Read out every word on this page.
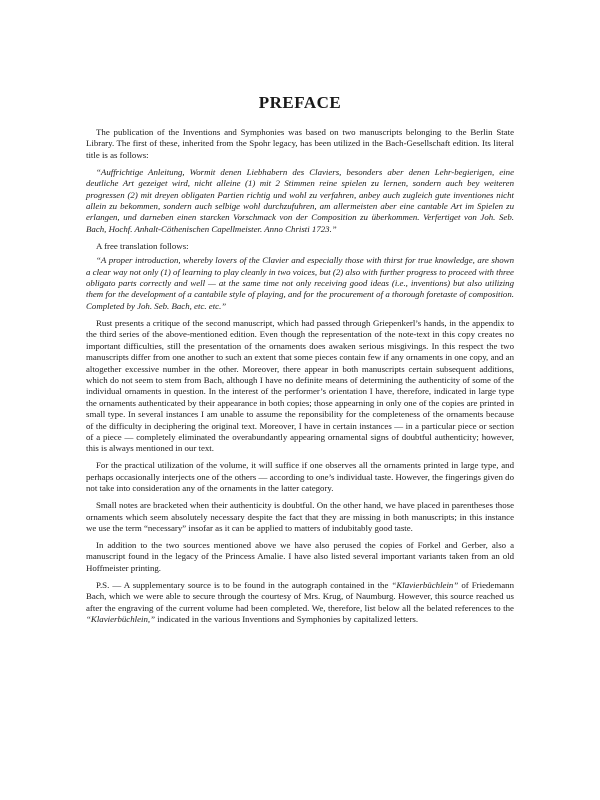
PREFACE

The publication of the Inventions and Symphonies was based on two manuscripts belonging to the Berlin State Library. The first of these, inherited from the Spohr legacy, has been utilized in the Bach-Gesellschaft edition. Its literal title is as follows:

“Auffrichtige Anleitung, Wormit denen Liebhabern des Claviers, besonders aber denen Lehr-begierigen, eine deutliche Art gezeiget wird, nicht alleine (1) mit 2 Stimmen reine spielen zu lernen, sondern auch bey weiteren progressen (2) mit dreyen obligaten Partien richtig und wohl zu verfahren, anbey auch zugleich gute inventiones nicht allein zu bekommen, sondern auch selbige wohl durchzufuhren, am allermeisten aber eine cantable Art im Spielen zu erlangen, und darneben einen starcken Vorschmack von der Composition zu überkommen. Verfertiget von Joh. Seb. Bach, Hochf. Anhalt-Cöthenischen Capellmeister. Anno Christi 1723.”

A free translation follows:

“A proper introduction, whereby lovers of the Clavier and especially those with thirst for true knowledge, are shown a clear way not only (1) of learning to play cleanly in two voices, but (2) also with further progress to proceed with three obligato parts correctly and well — at the same time not only receiving good ideas (i.e., inventions) but also utilizing them for the development of a cantabile style of playing, and for the procurement of a thorough foretaste of composition. Completed by Joh. Seb. Bach, etc. etc.”

Rust presents a critique of the second manuscript, which had passed through Griepenkerl’s hands, in the appendix to the third series of the above-mentioned edition. Even though the representation of the note-text in this copy creates no important difficulties, still the presentation of the ornaments does awaken serious misgivings. In this respect the two manuscripts differ from one another to such an extent that some pieces contain few if any ornaments in one copy, and an altogether excessive number in the other. Moreover, there appear in both manuscripts certain subsequent additions, which do not seem to stem from Bach, although I have no definite means of determining the authenticity of some of the individual ornaments in question. In the interest of the performer’s orientation I have, therefore, indicated in large type the ornaments authenticated by their appearance in both copies; those appearning in only one of the copies are printed in small type. In several instances I am unable to assume the reponsibility for the completeness of the ornaments because of the difficulty in deciphering the original text. Moreover, I have in certain instances — in a particular piece or section of a piece — completely eliminated the overabundantly appearing ornamental signs of doubtful authenticity; however, this is always mentioned in our text.

For the practical utilization of the volume, it will suffice if one observes all the ornaments printed in large type, and perhaps occasionally interjects one of the others — according to one’s individual taste. However, the fingerings given do not take into consideration any of the ornaments in the latter category.

Small notes are bracketed when their authenticity is doubtful. On the other hand, we have placed in parentheses those ornaments which seem absolutely necessary despite the fact that they are missing in both manuscripts; in this instance we use the term “necessary” insofar as it can be applied to matters of indubitably good taste.

In addition to the two sources mentioned above we have also perused the copies of Forkel and Gerber, also a manuscript found in the legacy of the Princess Amalie. I have also listed several important variants taken from an old Hoffmeister printing.

P.S. — A supplementary source is to be found in the autograph contained in the “Klavierbüchlein” of Friedemann Bach, which we were able to secure through the courtesy of Mrs. Krug, of Naumburg. However, this source reached us after the engraving of the current volume had been completed. We, therefore, list below all the belated references to the “Klavierbüchlein,” indicated in the various Inventions and Symphonies by capitalized letters.
